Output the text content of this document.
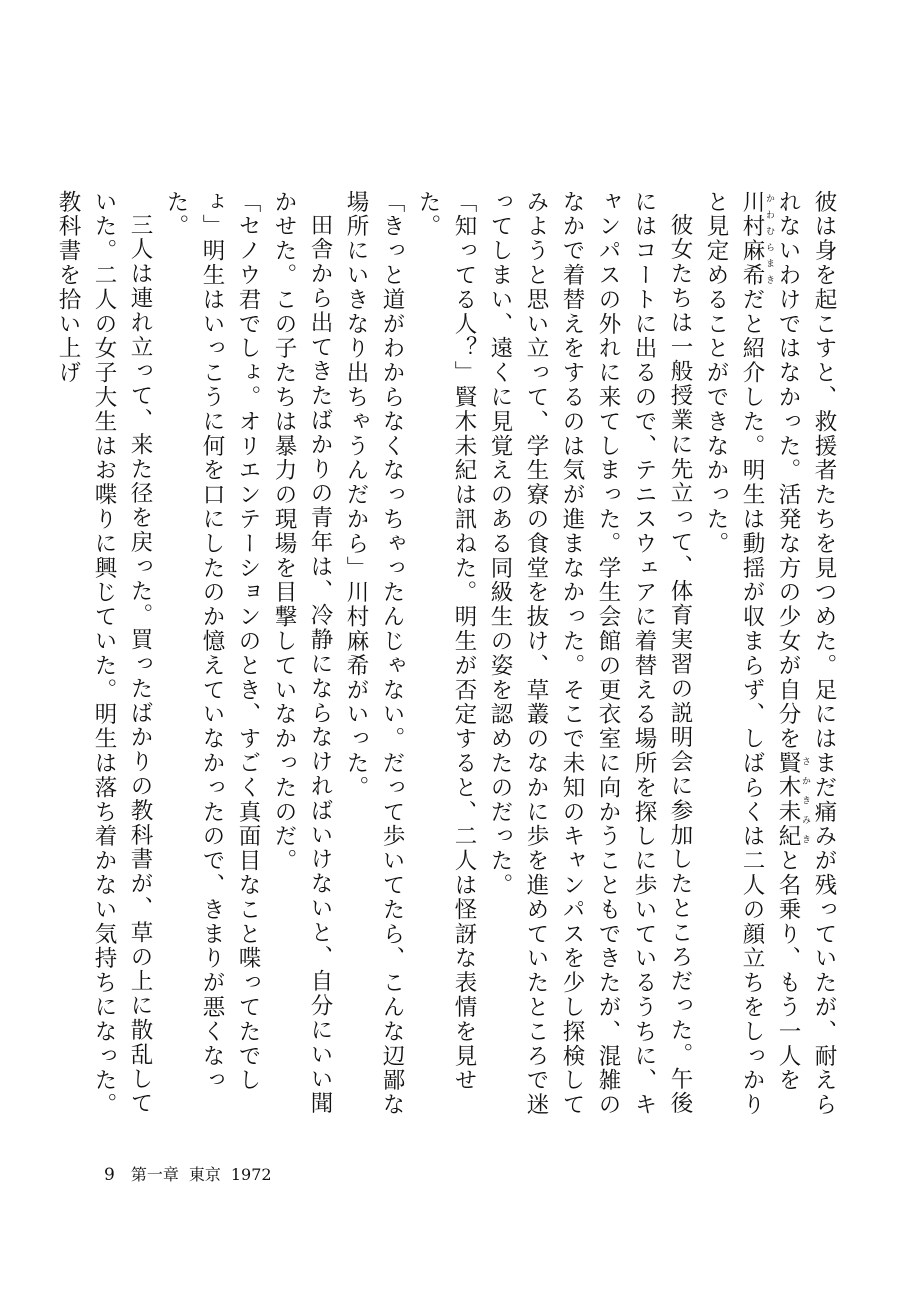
彼は身を起こすと、救援者たちを見つめた。足にはまだ痛みが残っていたが、耐えられないわけではなかった。活発な方の少女が自分を賢木未紀 さかきみきと名乗り、もう一人を川村麻希 かわむらまきだと紹介した。明生は動揺が収まらず、しばらくは二人の顔立ちをしっかりと見定めることができなかった。

彼女たちは一般授業に先立って、体育実習の説明会に参加したところだった。午後にはコートに出るので、テニスウェアに着替える場所を探しに歩いているうちに、キャンパスの外れに来てしまった。学生会館の更衣室に向かうこともできたが、混雑のなかで着替えをするのは気が進まなかった。そこで未知のキャンパスを少し探検してみようと思い立って、学生寮の食堂を抜け、草叢のなかに歩を進めていたところで迷ってしまい、遠くに見覚えのある同級生の姿を認めたのだった。

「知ってる人？」賢木未紀は訊ねた。明生が否定すると、二人は怪訝な表情を見せた。

「きっと道がわからなくなっちゃったんじゃない。だって歩いてたら、こんな辺鄙な場所にいきなり出ちゃうんだから」川村麻希がいった。

田舎から出てきたばかりの青年は、冷静にならなければいけないと、自分にいい聞かせた。この子たちは暴力の現場を目撃していなかったのだ。

「セノウ君でしょ。オリエンテーションのとき、すごく真面目なこと喋ってたでしょ」明生はいっこうに何を口にしたのか憶えていなかったので、きまりが悪くなった。

三人は連れ立って、来た径を戻った。買ったばかりの教科書が、草の上に散乱していた。二人の女子大生はお喋りに興じていた。明生は落ち着かない気持ちになった。教科書を拾い上げ

9 第一章 東京 1972
